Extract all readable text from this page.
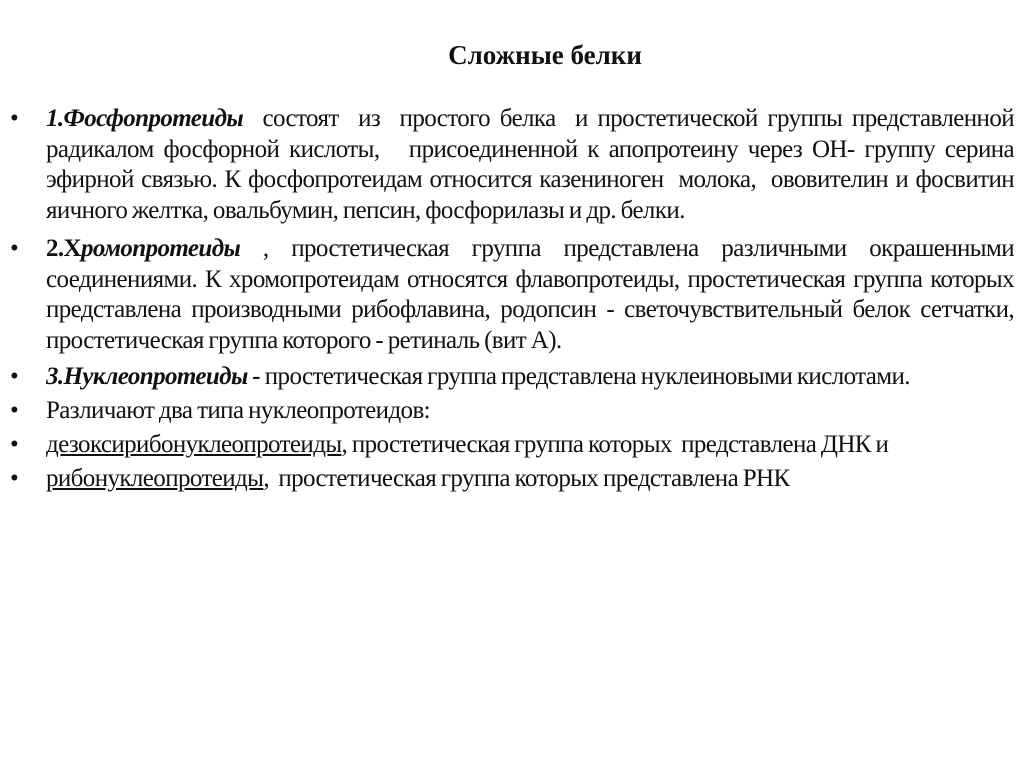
Сложные белки
• 1.Фосфопротеиды  состоят  из  простого белка  и простетической группы представленной радикалом фосфорной кислоты,   присоединенной к апопротеину через ОН- группу серина эфирной связью. К фосфопротеидам относится казениноген  молока,  ововителин и фосвитин яичного желтка, овальбумин, пепсин, фосфорилазы и др. белки.
• 2.Хромопротеиды , простетическая группа представлена различными окрашенными соединениями. К хромопротеидам относятся флавопротеиды, простетическая группа которых представлена производными рибофлавина, родопсин - светочувствительный белок сетчатки, простетическая группа которого - ретиналь (вит А).
• 3.Нуклеопротеиды - простетическая группа представлена нуклеиновыми кислотами.
• Различают два типа нуклеопротеидов:
• дезоксирибонуклеопротеиды, простетическая группа которых  представлена ДНК и
• рибонуклеопротеиды,  простетическая группа которых представлена РНК
